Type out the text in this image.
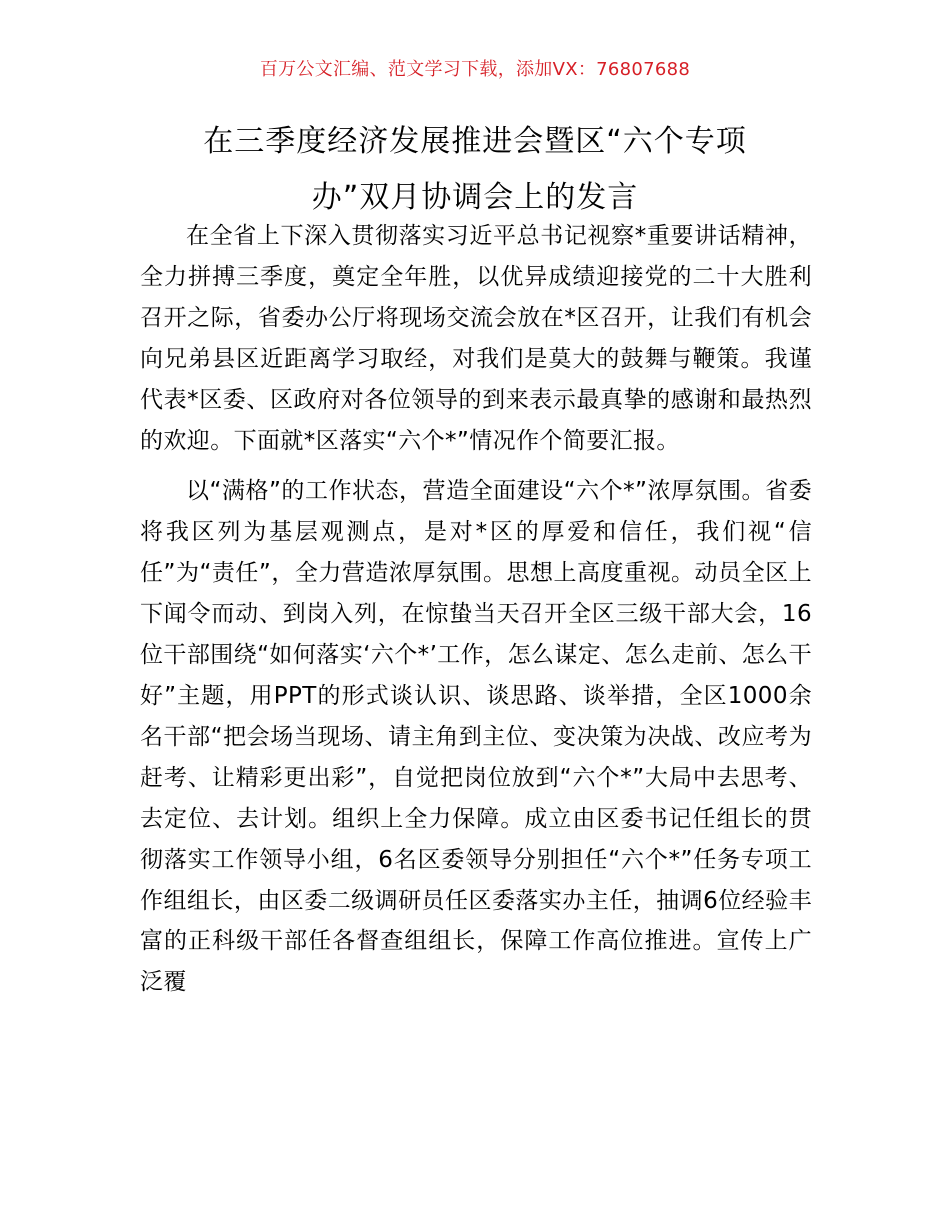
百万公文汇编、范文学习下载，添加VX：76807688
在三季度经济发展推进会暨区“六个专项
办”双月协调会上的发言

在全省上下深入贯彻落实习近平总书记视察*重要讲话精神，全力拼搏三季度，奠定全年胜，以优异成绩迎接党的二十大胜利召开之际，省委办公厅将现场交流会放在*区召开，让我们有机会向兄弟县区近距离学习取经，对我们是莫大的鼓舞与鞭策。我谨代表*区委、区政府对各位领导的到来表示最真挚的感谢和最热烈的欢迎。下面就*区落实“六个*”情况作个简要汇报。

以“满格”的工作状态，营造全面建设“六个*”浓厚氛围。省委将我区列为基层观测点，是对*区的厚爱和信任，我们视“信任”为“责任”，全力营造浓厚氛围。思想上高度重视。动员全区上下闻令而动、到岗入列，在惊蛰当天召开全区三级干部大会，16位干部围绕“如何落实‘六个*’工作，怎么谋定、怎么走前、怎么干好”主题，用PPT的形式谈认识、谈思路、谈举措，全区1000余名干部“把会场当现场、请主角到主位、变决策为决战、改应考为赶考、让精彩更出彩”，自觉把岗位放到“六个*”大局中去思考、去定位、去计划。组织上全力保障。成立由区委书记任组长的贯彻落实工作领导小组，6名区委领导分别担任“六个*”任务专项工作组组长，由区委二级调研员任区委落实办主任，抽调6位经验丰富的正科级干部任各督查组组长，保障工作高位推进。宣传上广泛覆
